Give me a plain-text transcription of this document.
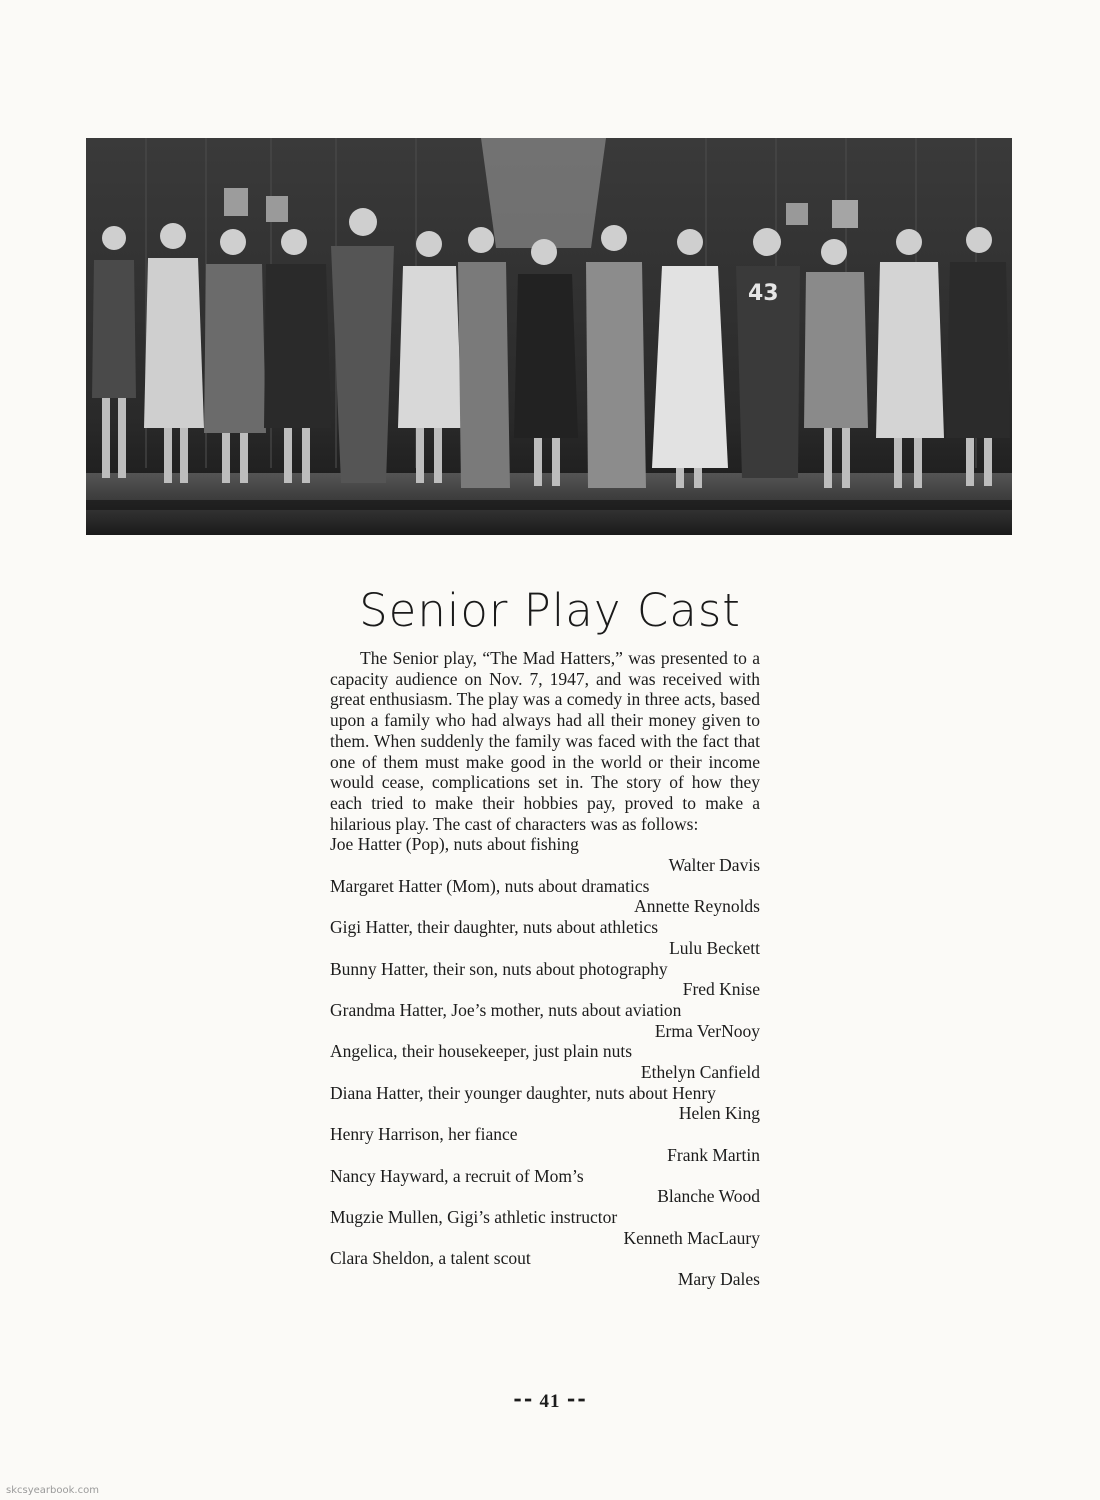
43
Senior Play Cast

The Senior play, “The Mad Hatters,” was presented to a capacity audience on Nov. 7, 1947, and was received with great enthusiasm. The play was a comedy in three acts, based upon a family who had always had all their money given to them. When suddenly the family was faced with the fact that one of them must make good in the world or their income would cease, complications set in. The story of how they each tried to make their hobbies pay, proved to make a hilarious play. The cast of characters was as follows:

Joe Hatter (Pop), nuts about fishing
Walter Davis
Margaret Hatter (Mom), nuts about dramatics
Annette Reynolds
Gigi Hatter, their daughter, nuts about athletics
Lulu Beckett
Bunny Hatter, their son, nuts about photography
Fred Knise
Grandma Hatter, Joe’s mother, nuts about aviation
Erma VerNooy
Angelica, their housekeeper, just plain nuts
Ethelyn Canfield
Diana Hatter, their younger daughter, nuts about Henry
Helen King
Henry Harrison, her fiance
Frank Martin
Nancy Hayward, a recruit of Mom’s
Blanche Wood
Mugzie Mullen, Gigi’s athletic instructor
Kenneth MacLaury
Clara Sheldon, a talent scout
Mary Dales
⁃⁃ 41 ⁃⁃
skcsyearbook.com
